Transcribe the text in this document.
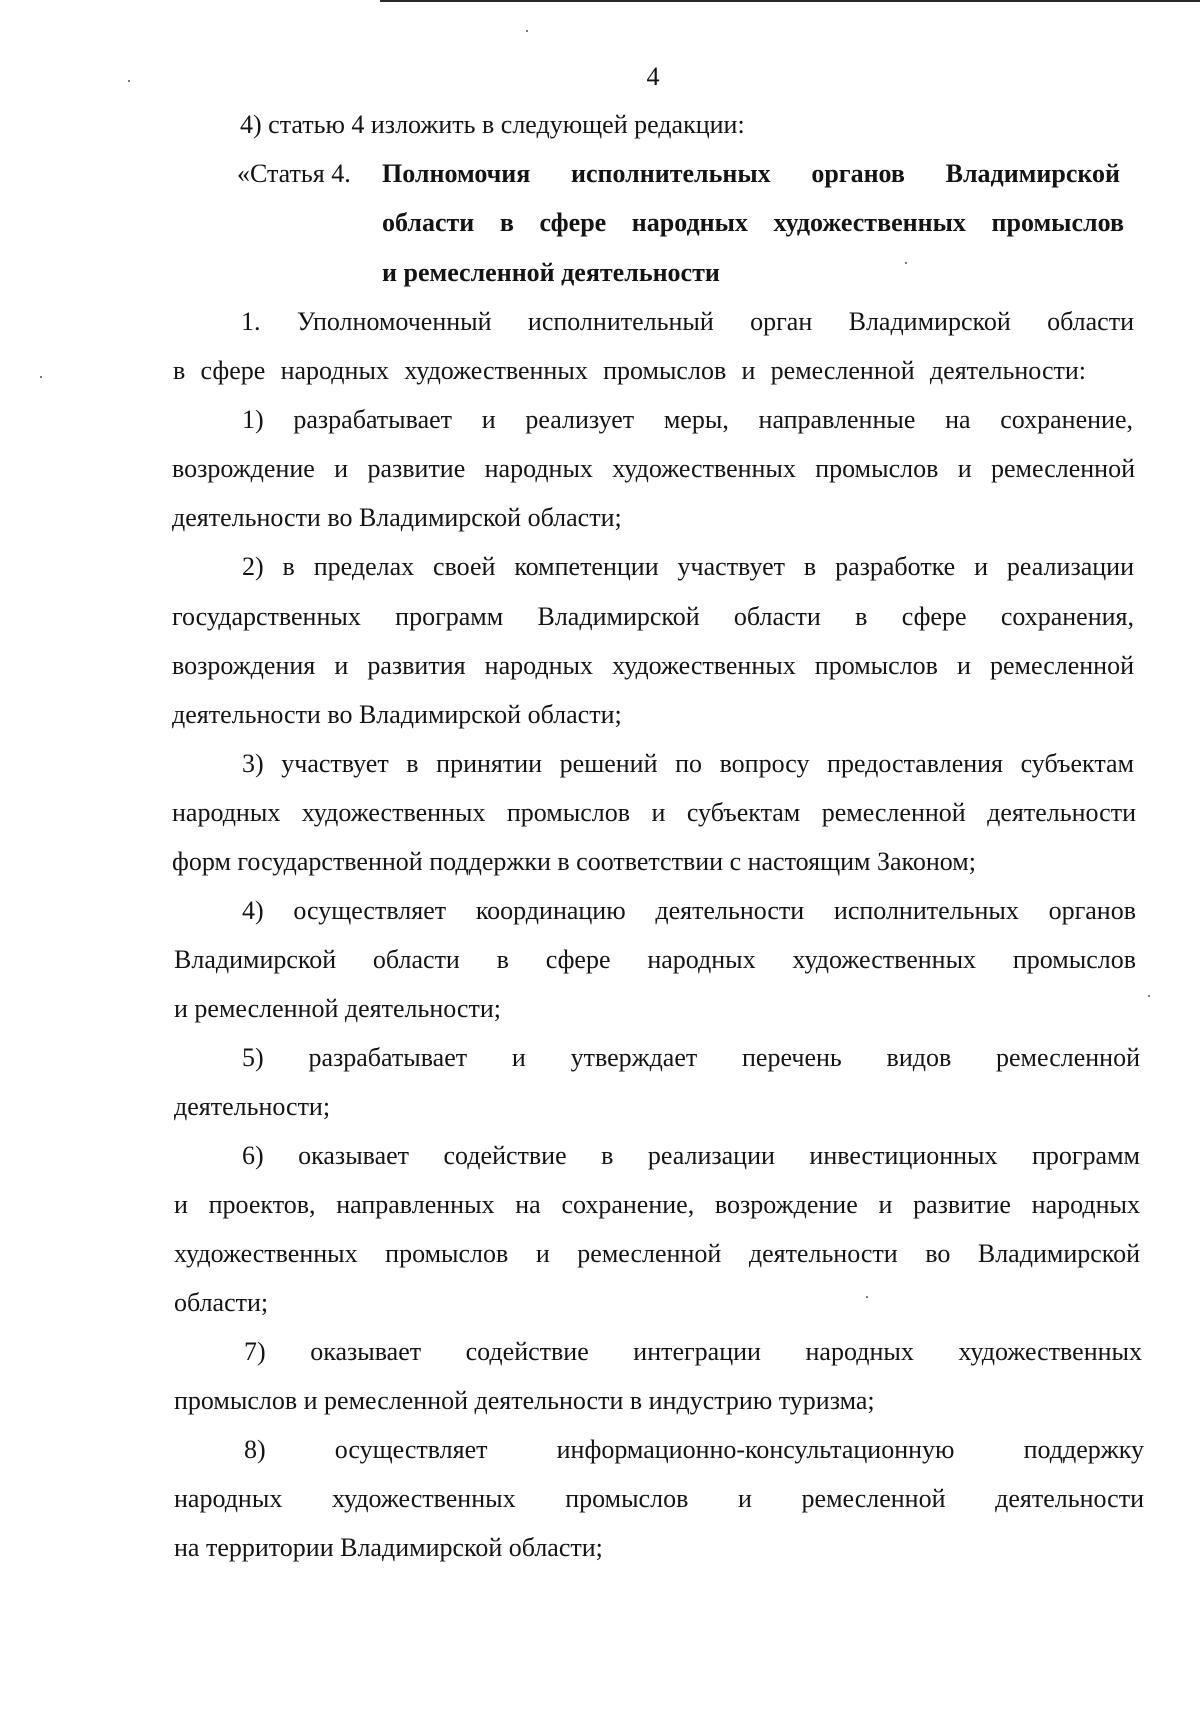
4
4) статью 4 изложить в следующей редакции:
«Статья 4. Полномочия исполнительных органов Владимирской
области в сфере народных художественных промыслов
и ремесленной деятельности
1. Уполномоченный исполнительный орган Владимирской области
в сфере народных художественных промыслов и ремесленной деятельности:
1) разрабатывает и реализует меры, направленные на сохранение,
возрождение и развитие народных художественных промыслов и ремесленной
деятельности во Владимирской области;
2) в пределах своей компетенции участвует в разработке и реализации
государственных программ Владимирской области в сфере сохранения,
возрождения и развития народных художественных промыслов и ремесленной
деятельности во Владимирской области;
3) участвует в принятии решений по вопросу предоставления субъектам
народных художественных промыслов и субъектам ремесленной деятельности
форм государственной поддержки в соответствии с настоящим Законом;
4) осуществляет координацию деятельности исполнительных органов
Владимирской области в сфере народных художественных промыслов
и ремесленной деятельности;
5) разрабатывает и утверждает перечень видов ремесленной
деятельности;
6) оказывает содействие в реализации инвестиционных программ
и проектов, направленных на сохранение, возрождение и развитие народных
художественных промыслов и ремесленной деятельности во Владимирской
области;
7) оказывает содействие интеграции народных художественных
промыслов и ремесленной деятельности в индустрию туризма;
8) осуществляет информационно-консультационную поддержку
народных художественных промыслов и ремесленной деятельности
на территории Владимирской области;
